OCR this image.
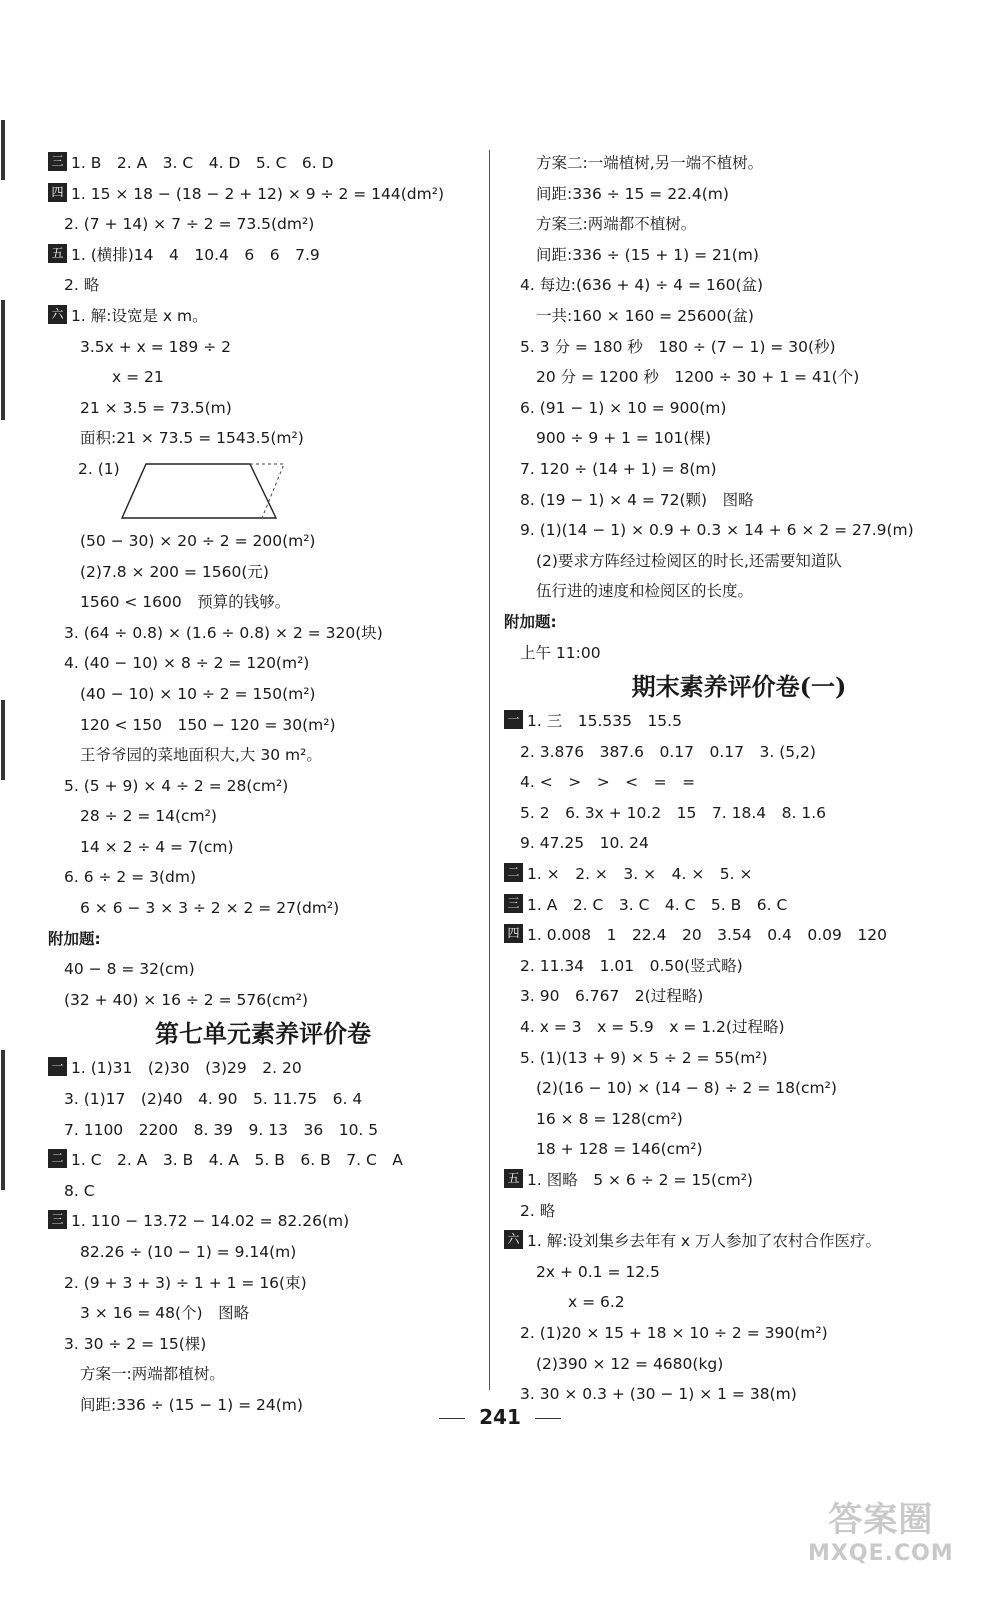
三 1. B　2. A　3. C　4. D　5. C　6. D
四 1. 15 × 18 − (18 − 2 + 12) × 9 ÷ 2 = 144(dm²)
2. (7 + 14) × 7 ÷ 2 = 73.5(dm²)
五 1. (横排)14　4　10.4　6　6　7.9
2. 略
六 1. 解:设宽是 x m。
3.5x + x = 189 ÷ 2
x = 21
21 × 3.5 = 73.5(m)
面积:21 × 73.5 = 1543.5(m²)
2. (1)
(50 − 30) × 20 ÷ 2 = 200(m²)
(2)7.8 × 200 = 1560(元)
1560 < 1600　预算的钱够。
3. (64 ÷ 0.8) × (1.6 ÷ 0.8) × 2 = 320(块)
4. (40 − 10) × 8 ÷ 2 = 120(m²)
(40 − 10) × 10 ÷ 2 = 150(m²)
120 < 150　150 − 120 = 30(m²)
王爷爷园的菜地面积大,大 30 m²。
5. (5 + 9) × 4 ÷ 2 = 28(cm²)
28 ÷ 2 = 14(cm²)
14 × 2 ÷ 4 = 7(cm)
6. 6 ÷ 2 = 3(dm)
6 × 6 − 3 × 3 ÷ 2 × 2 = 27(dm²)
附加题:
40 − 8 = 32(cm)
(32 + 40) × 16 ÷ 2 = 576(cm²)
第七单元素养评价卷
一 1. (1)31　(2)30　(3)29　2. 20
3. (1)17　(2)40　4. 90　5. 11.75　6. 4
7. 1100　2200　8. 39　9. 13　36　10. 5
二 1. C　2. A　3. B　4. A　5. B　6. B　7. C　A
8. C
三 1. 110 − 13.72 − 14.02 = 82.26(m)
82.26 ÷ (10 − 1) = 9.14(m)
2. (9 + 3 + 3) ÷ 1 + 1 = 16(束)
3 × 16 = 48(个)　图略
3. 30 ÷ 2 = 15(棵)
方案一:两端都植树。
间距:336 ÷ (15 − 1) = 24(m)
方案二:一端植树,另一端不植树。
间距:336 ÷ 15 = 22.4(m)
方案三:两端都不植树。
间距:336 ÷ (15 + 1) = 21(m)
4. 每边:(636 + 4) ÷ 4 = 160(盆)
一共:160 × 160 = 25600(盆)
5. 3 分 = 180 秒　180 ÷ (7 − 1) = 30(秒)
20 分 = 1200 秒　1200 ÷ 30 + 1 = 41(个)
6. (91 − 1) × 10 = 900(m)
900 ÷ 9 + 1 = 101(棵)
7. 120 ÷ (14 + 1) = 8(m)
8. (19 − 1) × 4 = 72(颗)　图略
9. (1)(14 − 1) × 0.9 + 0.3 × 14 + 6 × 2 = 27.9(m)
(2)要求方阵经过检阅区的时长,还需要知道队
伍行进的速度和检阅区的长度。
附加题:
上午 11:00
期末素养评价卷(一)
一 1. 三　15.535　15.5
2. 3.876　387.6　0.17　0.17　3. (5,2)
4. <　>　>　<　=　=
5. 2　6. 3x + 10.2　15　7. 18.4　8. 1.6
9. 47.25　10. 24
二 1. ×　2. ×　3. ×　4. ×　5. ×
三 1. A　2. C　3. C　4. C　5. B　6. C
四 1. 0.008　1　22.4　20　3.54　0.4　0.09　120
2. 11.34　1.01　0.50(竖式略)
3. 90　6.767　2(过程略)
4. x = 3　x = 5.9　x = 1.2(过程略)
5. (1)(13 + 9) × 5 ÷ 2 = 55(m²)
(2)(16 − 10) × (14 − 8) ÷ 2 = 18(cm²)
16 × 8 = 128(cm²)
18 + 128 = 146(cm²)
五 1. 图略　5 × 6 ÷ 2 = 15(cm²)
2. 略
六 1. 解:设刘集乡去年有 x 万人参加了农村合作医疗。
2x + 0.1 = 12.5
x = 6.2
2. (1)20 × 15 + 18 × 10 ÷ 2 = 390(m²)
(2)390 × 12 = 4680(kg)
3. 30 × 0.3 + (30 − 1) × 1 = 38(m)
241
答案圈
MXQE.COM
